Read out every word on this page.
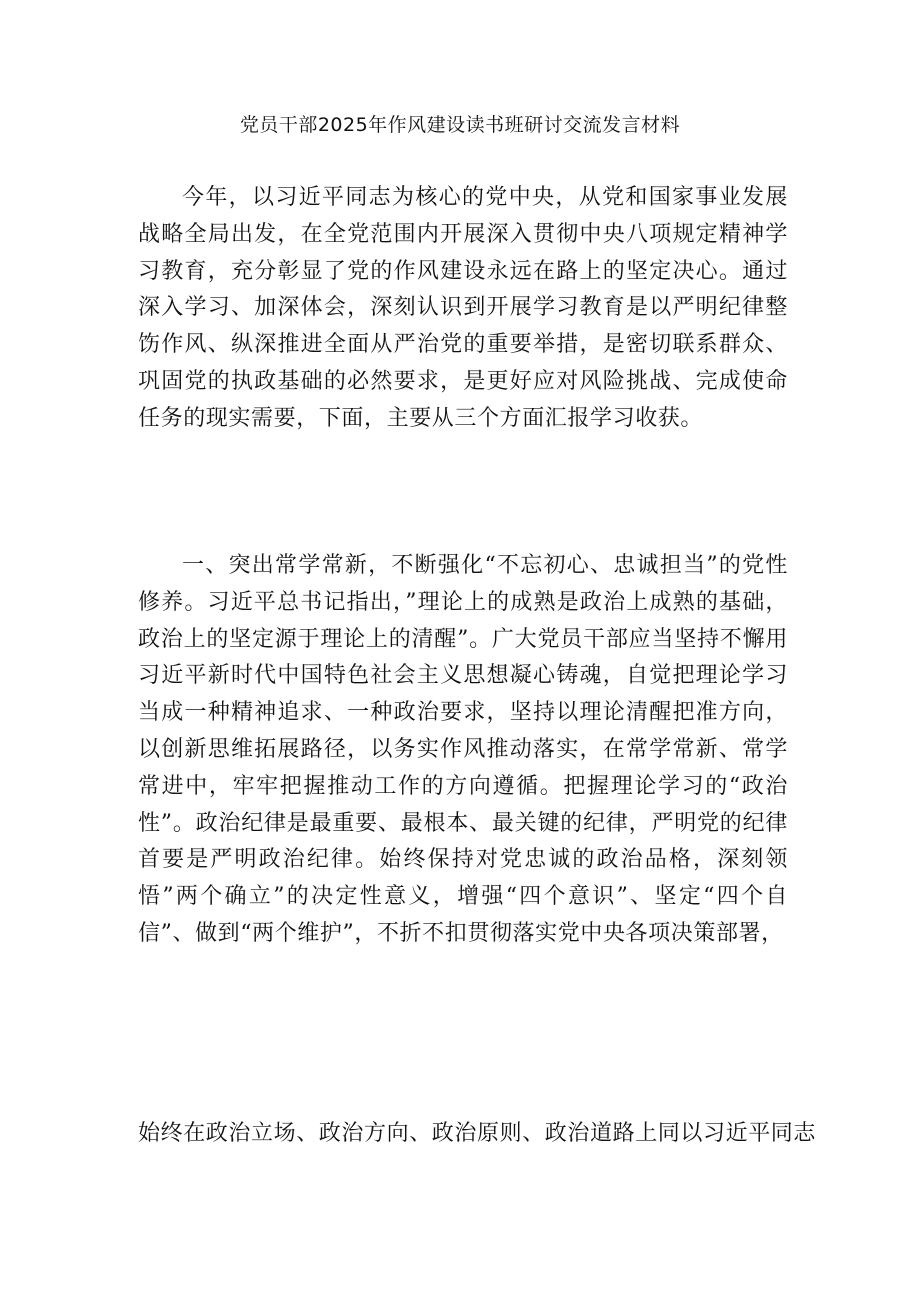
党员干部2025年作风建设读书班研讨交流发言材料

今年，以习近平同志为核心的党中央，从党和国家事业发展战略全局出发，在全党范围内开展深入贯彻中央八项规定精神学习教育，充分彰显了党的作风建设永远在路上的坚定决心。通过深入学习、加深体会，深刻认识到开展学习教育是以严明纪律整饬作风、纵深推进全面从严治党的重要举措，是密切联系群众、巩固党的执政基础的必然要求，是更好应对风险挑战、完成使命任务的现实需要，下面，主要从三个方面汇报学习收获。

一、突出常学常新，不断强化“不忘初心、忠诚担当”的党性修养。习近平总书记指出，”理论上的成熟是政治上成熟的基础，政治上的坚定源于理论上的清醒”。广大党员干部应当坚持不懈用习近平新时代中国特色社会主义思想凝心铸魂，自觉把理论学习当成一种精神追求、一种政治要求，坚持以理论清醒把准方向，以创新思维拓展路径，以务实作风推动落实，在常学常新、常学常进中，牢牢把握推动工作的方向遵循。把握理论学习的“政治性”。政治纪律是最重要、最根本、最关键的纪律，严明党的纪律首要是严明政治纪律。始终保持对党忠诚的政治品格，深刻领悟”两个确立”的决定性意义，增强“四个意识”、坚定“四个自信”、做到“两个维护”，不折不扣贯彻落实党中央各项决策部署，

始终在政治立场、政治方向、政治原则、政治道路上同以习近平同志
